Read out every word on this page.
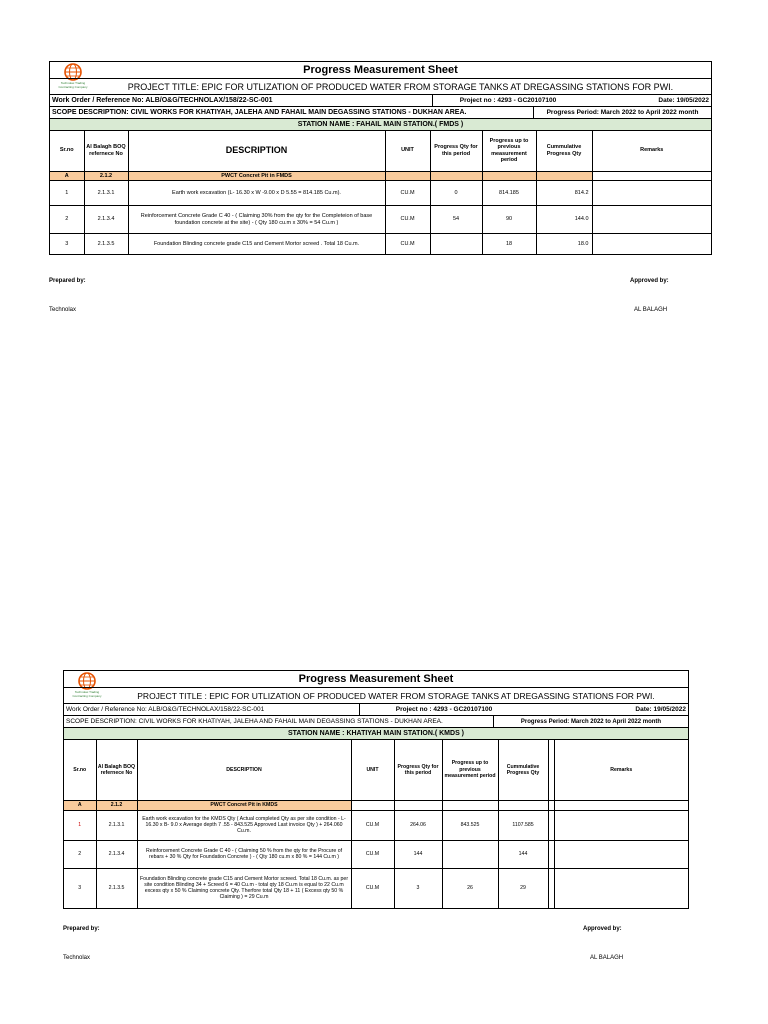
Technolax Trading
Contracting Company
Progress Measurement Sheet
PROJECT TITLE: EPIC FOR UTLIZATION OF PRODUCED WATER FROM STORAGE TANKS AT DREGASSING STATIONS FOR PWI.
Work Order / Reference No: ALB/O&G/TECHNOLAX/158/22-SC-001	Project no : 4293 - GC20107100	Date: 19/05/2022
SCOPE DESCRIPTION: CIVIL WORKS FOR KHATIYAH, JALEHA AND FAHAIL MAIN DEGASSING STATIONS - DUKHAN AREA.	Progress Period: March 2022 to April 2022 month
STATION NAME : FAHAIL MAIN STATION.( FMDS )
Sr.no	Al Balagh BOQ refernece No	DESCRIPTION	UNIT	Progress Qty for this period	Progress up to previous measurement period	Cummulative Progress Qty	Remarks
A	2.1.2	PWCT Concret Pit in FMDS					
1	2.1.3.1	Earth work excavation (L- 16.30 x W -9.00 x D 5.55 = 814.185 Cu.m).	CU.M	0	814.185	814.2	
2	2.1.3.4	Reinforcement Concrete Grade C 40 - ( Claiming 30% from the qty for the Completeion of base foundation concrete at the site) - ( Qty 180 cu.m x 30% = 54 Cu.m )	CU.M	54	90	144.0	
3	2.1.3.5	Foundation Blinding concrete grade C15 and Cement Mortor screed . Total 18 Cu.m.	CU.M		18	18.0	
Prepared by:	Approved by:
Technolax	AL BALAGH
Technolax Trading
Contracting Company
Progress Measurement Sheet
PROJECT TITLE : EPIC FOR UTLIZATION OF PRODUCED WATER FROM STORAGE TANKS AT DREGASSING STATIONS FOR PWI.
Work Order / Reference No: ALB/O&G/TECHNOLAX/158/22-SC-001	Project no : 4293 - GC20107100	Date: 19/05/2022
SCOPE DESCRIPTION: CIVIL WORKS FOR KHATIYAH, JALEHA AND FAHAIL MAIN DEGASSING STATIONS - DUKHAN AREA.	Progress Period: March 2022 to April 2022 month
STATION NAME : KHATIYAH MAIN STATION.( KMDS )
Sr.no	Al Balagh BOQ refernece No	DESCRIPTION	UNIT	Progress Qty for this period	Progress up to previous measurement period	Cummulative Progress Qty		Remarks
A	2.1.2	PWCT Concret Pit in KMDS						
1	2.1.3.1	Earth work excavation for the KMDS Qty ( Actual completed Qty as per site condition - L- 16.30 x B- 9.0 x Average depth 7 .55 - 843.525 Approved Last invoice Qty ) + 264.060 Cu.m.	CU.M	264.06	843.525	1107.585		
2	2.1.3.4	Reinforcement Concrete Grade C 40 - ( Claiming 50 % from the qty for the Procure of rebars + 30 % Qty for Foundation Concrete ) - ( Qty 180 cu.m x 80 % = 144 Cu.m )	CU.M	144		144		
3	2.1.3.5	Foundation Blinding concrete grade C15 and Cement Mortor screed. Total 18 Cu.m. as per site condition Blinding 34 + Screed 6 = 40 Cu.m - total qty 18 Cu.m is equal to 22 Cu.m excess qty x 50 % Claiming concrete Qty. Therfore total Qty 18 + 11 ( Excess qty 50 % Claiming ) = 29 Cu.m	CU.M	3	26	29		
Prepared by:	Approved by:
Technolax	AL BALAGH
